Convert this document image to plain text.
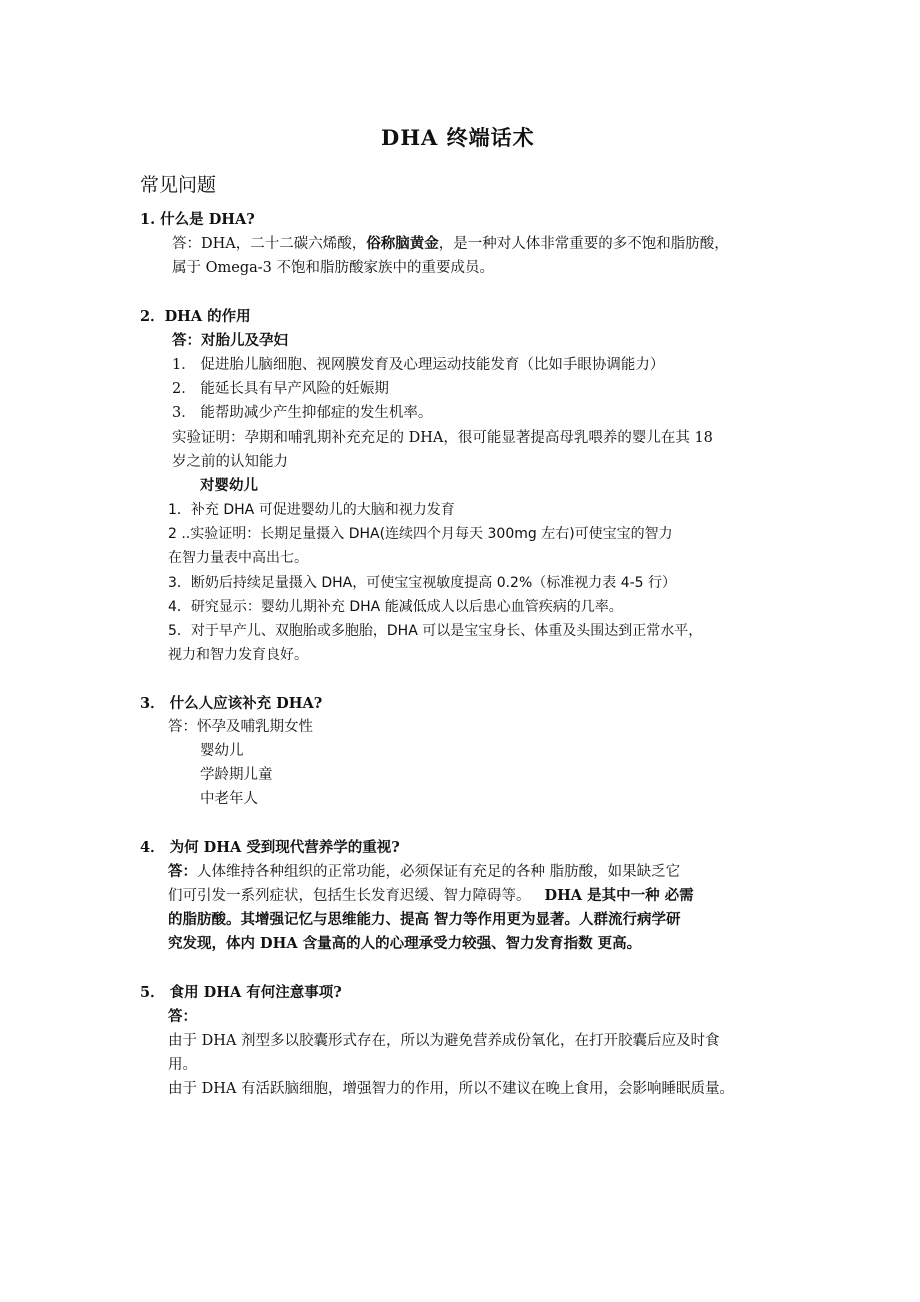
DHA 终端话术
常见问题
1. 什么是 DHA?
答：DHA，二十二碳六烯酸，俗称脑黄金，是一种对人体非常重要的多不饱和脂肪酸，
属于 Omega-3 不饱和脂肪酸家族中的重要成员。
2．DHA 的作用
答：对胎儿及孕妇
1． 促进胎儿脑细胞、视网膜发育及心理运动技能发育（比如手眼协调能力）
2． 能延长具有早产风险的妊娠期
3． 能帮助减少产生抑郁症的发生机率。
实验证明：孕期和哺乳期补充充足的 DHA，很可能显著提高母乳喂养的婴儿在其 18
岁之前的认知能力
对婴幼儿
1．补充 DHA 可促进婴幼儿的大脑和视力发育
2 ..实验证明：长期足量摄入 DHA(连续四个月每天 300mg 左右)可使宝宝的智力
在智力量表中高出七。
3．断奶后持续足量摄入 DHA，可使宝宝视敏度提高 0.2%（标准视力表 4-5 行）
4．研究显示：婴幼儿期补充 DHA 能减低成人以后患心血管疾病的几率。
5．对于早产儿、双胞胎或多胞胎，DHA 可以是宝宝身长、体重及头围达到正常水平，
视力和智力发育良好。
3． 什么人应该补充 DHA?
答：怀孕及哺乳期女性
婴幼儿
学龄期儿童
中老年人
4． 为何 DHA 受到现代营养学的重视?
答：人体维持各种组织的正常功能，必须保证有充足的各种 脂肪酸，如果缺乏它
们可引发一系列症状，包括生长发育迟缓、智力障碍等。 DHA 是其中一种 必需
的脂肪酸。其增强记忆与思维能力、提高 智力等作用更为显著。人群流行病学研
究发现，体内 DHA 含量高的人的心理承受力较强、智力发育指数 更高。
5． 食用 DHA 有何注意事项?
答：
由于 DHA 剂型多以胶囊形式存在，所以为避免营养成份氧化，在打开胶囊后应及时食
用。
由于 DHA 有活跃脑细胞，增强智力的作用，所以不建议在晚上食用，会影响睡眠质量。
